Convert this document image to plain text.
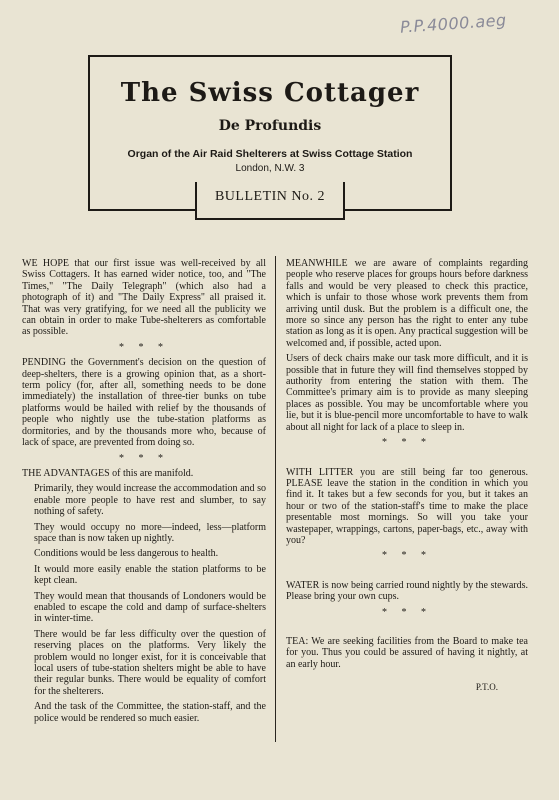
P.P.4000.aeg
The Swiss Cottager
De Profundis
Organ of the Air Raid Shelterers at Swiss Cottage Station
London, N.W. 3
BULLETIN No. 2

WE HOPE that our first issue was well-received by all Swiss Cottagers. It has earned wider notice, too, and "The Times," "The Daily Telegraph" (which also had a photograph of it) and "The Daily Express" all praised it. That was very gratifying, for we need all the publicity we can obtain in order to make Tube-shelterers as comfortable as possible.

* * *

PENDING the Government's decision on the question of deep-shelters, there is a growing opinion that, as a short-term policy (for, after all, something needs to be done immediately) the installation of three-tier bunks on tube platforms would be hailed with relief by the thousands of people who nightly use the tube-station platforms as dormitories, and by the thousands more who, because of lack of space, are prevented from doing so.

* * *

THE ADVANTAGES of this are manifold.

Primarily, they would increase the accommodation and so enable more people to have rest and slumber, to say nothing of safety.

They would occupy no more—indeed, less—platform space than is now taken up nightly.

Conditions would be less dangerous to health.

It would more easily enable the station platforms to be kept clean.

They would mean that thousands of Londoners would be enabled to escape the cold and damp of surface-shelters in winter-time.

There would be far less difficulty over the question of reserving places on the platforms. Very likely the problem would no longer exist, for it is conceivable that local users of tube-station shelters might be able to have their regular bunks. There would be equality of comfort for the shelterers.

And the task of the Committee, the station-staff, and the police would be rendered so much easier.

MEANWHILE we are aware of complaints regarding people who reserve places for groups hours before darkness falls and would be very pleased to check this practice, which is unfair to those whose work prevents them from arriving until dusk. But the problem is a difficult one, the more so since any person has the right to enter any tube station as long as it is open. Any practical suggestion will be welcomed and, if possible, acted upon.

Users of deck chairs make our task more difficult, and it is possible that in future they will find themselves stopped by authority from entering the station with them. The Committee's primary aim is to provide as many sleeping places as possible. You may be uncomfortable where you lie, but it is blue-pencil more uncomfortable to have to walk about all night for lack of a place to sleep in.

* * *

WITH LITTER you are still being far too generous. PLEASE leave the station in the condition in which you find it. It takes but a few seconds for you, but it takes an hour or two of the station-staff's time to make the place presentable most mornings. So will you take your wastepaper, wrappings, cartons, paper-bags, etc., away with you?

* * *

WATER is now being carried round nightly by the stewards. Please bring your own cups.

* * *

TEA: We are seeking facilities from the Board to make tea for you. Thus you could be assured of having it nightly, at an early hour.

P.T.O.
